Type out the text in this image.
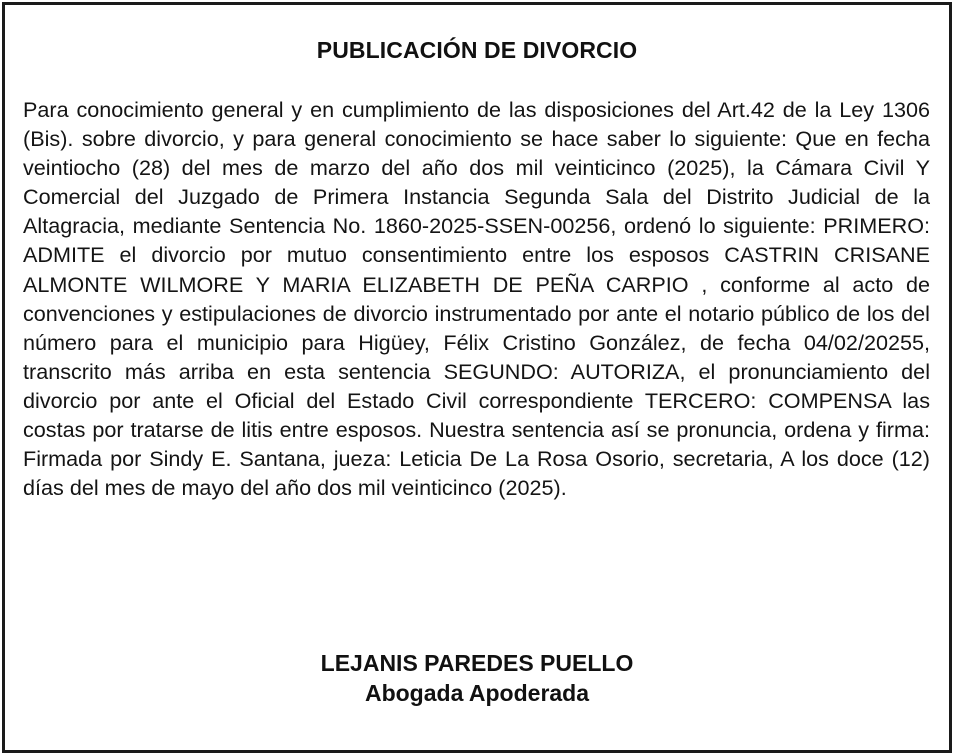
PUBLICACIÓN DE DIVORCIO

Para conocimiento general y en cumplimiento de las disposiciones del Art.42 de la Ley 1306 (Bis). sobre divorcio, y para general conocimiento se hace saber lo siguiente: Que en fecha veintiocho (28) del mes de marzo del año dos mil veinticinco (2025), la Cámara Civil Y Comercial del Juzgado de Primera Instancia Segunda Sala del Distrito Judicial de la Altagracia, mediante Sentencia No. 1860-2025-SSEN-00256, ordenó lo siguiente: PRIMERO: ADMITE el divorcio por mutuo consentimiento entre los esposos CASTRIN CRISANE ALMONTE WILMORE Y MARIA ELIZABETH DE PEÑA CARPIO , conforme al acto de convenciones y estipulaciones de divorcio instrumentado por ante el notario público de los del número para el municipio para Higüey, Félix Cristino González, de fecha 04/02/20255, transcrito más arriba en esta sentencia SEGUNDO: AUTORIZA, el pronunciamiento del divorcio por ante el Oficial del Estado Civil correspondiente TERCERO: COMPENSA las costas por tratarse de litis entre esposos. Nuestra sentencia así se pronuncia, ordena y firma: Firmada por Sindy E. Santana, jueza: Leticia De La Rosa Osorio, secretaria, A los doce (12) días del mes de mayo del año dos mil veinticinco (2025).

LEJANIS PAREDES PUELLO
Abogada Apoderada
